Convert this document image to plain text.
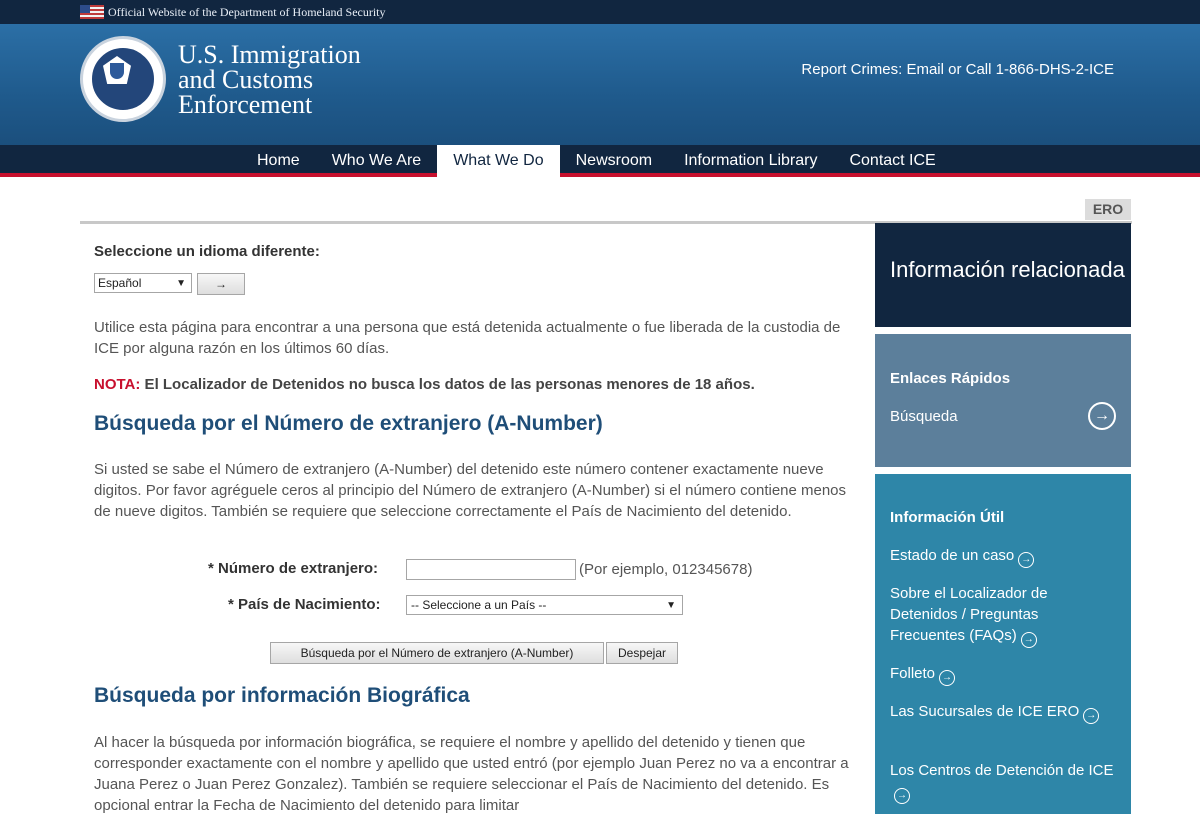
Official Website of the Department of Homeland Security
U.S. Immigration
and Customs
Enforcement
Report Crimes: Email or Call 1-866-DHS-2-ICE
Home	Who We Are	What We Do	Newsroom	Information Library	Contact ICE
ERO
Seleccione un idioma diferente:
Español	▼	→
Utilice esta página para encontrar a una persona que está detenida actualmente o fue liberada de la custodia de ICE por alguna razón en los últimos 60 días.
NOTA: El Localizador de Detenidos no busca los datos de las personas menores de 18 años.
Búsqueda por el Número de extranjero (A-Number)
Si usted se sabe el Número de extranjero (A-Number) del detenido este número contener exactamente nueve digitos. Por favor agréguele ceros al principio del Número de extranjero (A-Number) si el número contiene menos de nueve digitos. También se requiere que seleccione correctamente el País de Nacimiento del detenido.
* Número de extranjero:	(Por ejemplo, 012345678)
* País de Nacimiento:	-- Seleccione a un País --	▼
Búsqueda por el Número de extranjero (A-Number)	Despejar
Búsqueda por información Biográfica
Al hacer la búsqueda por información biográfica, se requiere el nombre y apellido del detenido y tienen que corresponder exactamente con el nombre y apellido que usted entró (por ejemplo Juan Perez no va a encontrar a Juana Perez o Juan Perez Gonzalez). También se requiere seleccionar el País de Nacimiento del detenido. Es opcional entrar la Fecha de Nacimiento del detenido para limitar
Información relacionada
Enlaces Rápidos
Búsqueda	→
Información Útil
Estado de un caso →
Sobre el Localizador de Detenidos / Preguntas Frecuentes (FAQs) →
Folleto →
Las Sucursales de ICE ERO →
Los Centros de Detención de ICE→
